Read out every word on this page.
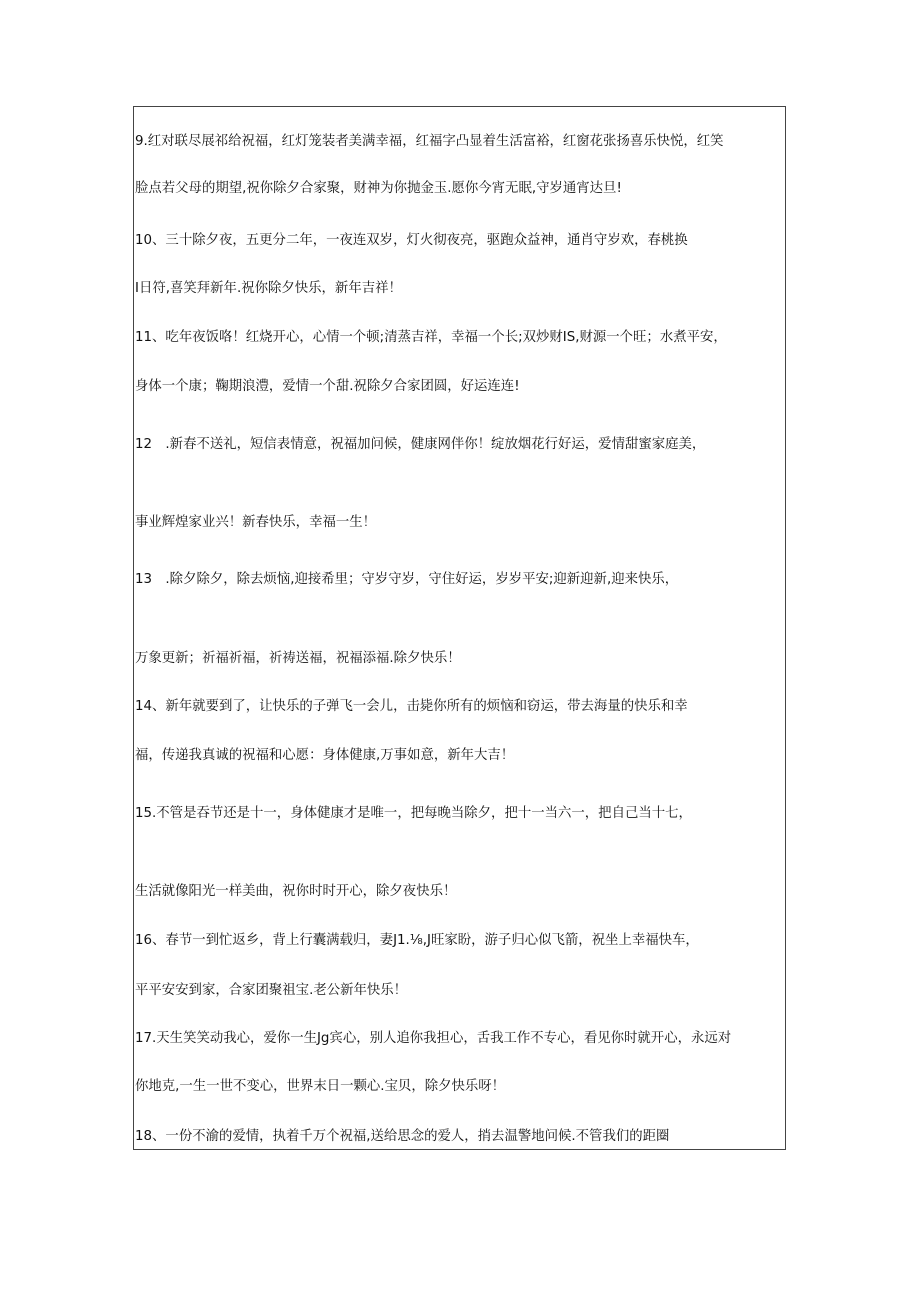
9.红对联尽展祁给祝福，红灯笼装者美满幸福，红福字凸显着生活富裕，红窗花张扬喜乐快悦，红笑
脸点若父母的期望,祝你除夕合家聚，财神为你抛金玉.愿你今宵无眠,守岁通宵达旦!
10、三十除夕夜，五更分二年，一夜连双岁，灯火彻夜亮，驱跑众益神，通肖守岁欢，春桃换
I日符,喜笑拜新年.祝你除夕快乐，新年吉祥！
11、吃年夜饭咯！红烧开心，心情一个顿;清蒸吉祥，幸福一个长;双炒财IS,财源一个旺；水煮平安，
身体一个康；鞠期浪澧，爱情一个甜.祝除夕合家团圆，好运连连!
12　.新春不送礼，短信表情意，祝福加问候，健康网伴你！绽放烟花行好运，爱情甜蜜家庭美，
事业辉煌家业兴！新春快乐，幸福一生！
13　.除夕除夕，除去烦恼,迎接希里；守岁守岁，守住好运，岁岁平安;迎新迎新,迎来快乐，
万象更新；祈福祈福，祈祷送福，祝福添福.除夕快乐！
14、新年就要到了，让快乐的子弹飞一会儿，击毙你所有的烦恼和窃运，带去海量的快乐和幸
福，传递我真诚的祝福和心愿：身体健康,万事如意，新年大吉！
15.不管是吞节还是十一，身体健康才是唯一，把每晚当除夕，把十一当六一，把自己当十七，
生活就像阳光一样美曲，祝你时时开心，除夕夜快乐！
16、春节一到忙返乡，背上行囊满载归，妻J1.⅛,J旺家盼，游子归心似飞箭，祝坐上幸福快车，
平平安安到家，合家团聚祖宝.老公新年快乐！
17.天生笑笑动我心，爱你一生Jg宾心，别人追你我担心，舌我工作不专心，看见你时就开心，永远对
你地克,一生一世不变心，世界末日一颗心.宝贝，除夕快乐呀！
18、一份不渝的爱情，执着千万个祝福,送给思念的爱人，捎去温警地问候.不管我们的距圈
